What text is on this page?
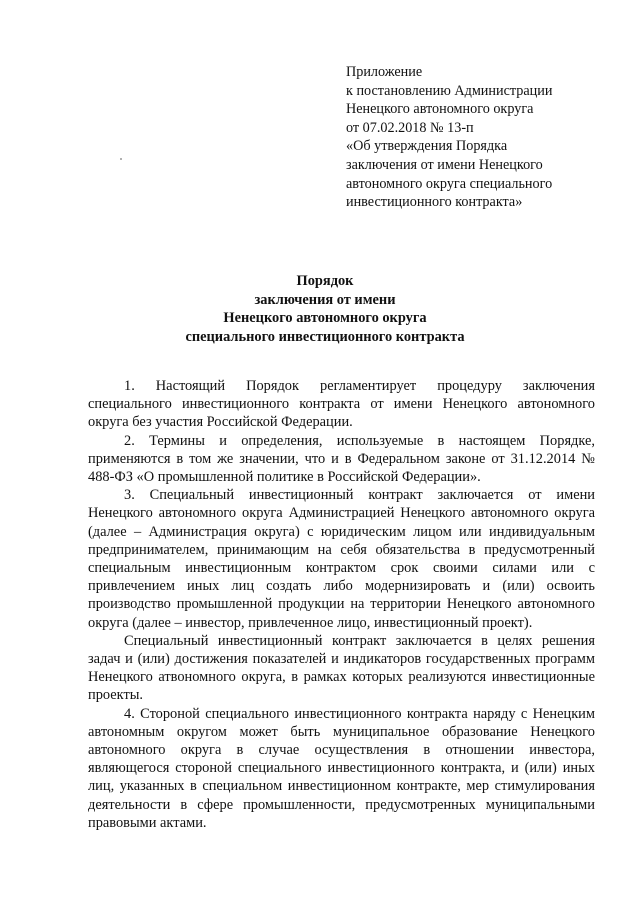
Приложение
к постановлению Администрации
Ненецкого автономного округа
от 07.02.2018 № 13-п
«Об утверждения Порядка
заключения от имени Ненецкого
автономного округа специального
инвестиционного контракта»
Порядок
заключения от имени
Ненецкого автономного округа
специального инвестиционного контракта

1. Настоящий Порядок регламентирует процедуру заключения специального инвестиционного контракта от имени Ненецкого автономного округа без участия Российской Федерации.

2. Термины и определения, используемые в настоящем Порядке, применяются в том же значении, что и в Федеральном законе от 31.12.2014 № 488-ФЗ «О промышленной политике в Российской Федерации».

3. Специальный инвестиционный контракт заключается от имени Ненецкого автономного округа Администрацией Ненецкого автономного округа (далее – Администрация округа) с юридическим лицом или индивидуальным предпринимателем, принимающим на себя обязательства в предусмотренный специальным инвестиционным контрактом срок своими силами или с привлечением иных лиц создать либо модернизировать и (или) освоить производство промышленной продукции на территории Ненецкого автономного округа (далее – инвестор, привлеченное лицо, инвестиционный проект).

Специальный инвестиционный контракт заключается в целях решения задач и (или) достижения показателей и индикаторов государственных программ Ненецкого атвономного округа, в рамках которых реализуются инвестиционные проекты.

4. Стороной специального инвестиционного контракта наряду с Ненецким автономным округом может быть муниципальное образование Ненецкого автономного округа в случае осуществления в отношении инвестора, являющегося стороной специального инвестиционного контракта, и (или) иных лиц, указанных в специальном инвестиционном контракте, мер стимулирования деятельности в сфере промышленности, предусмотренных муниципальными правовыми актами.
